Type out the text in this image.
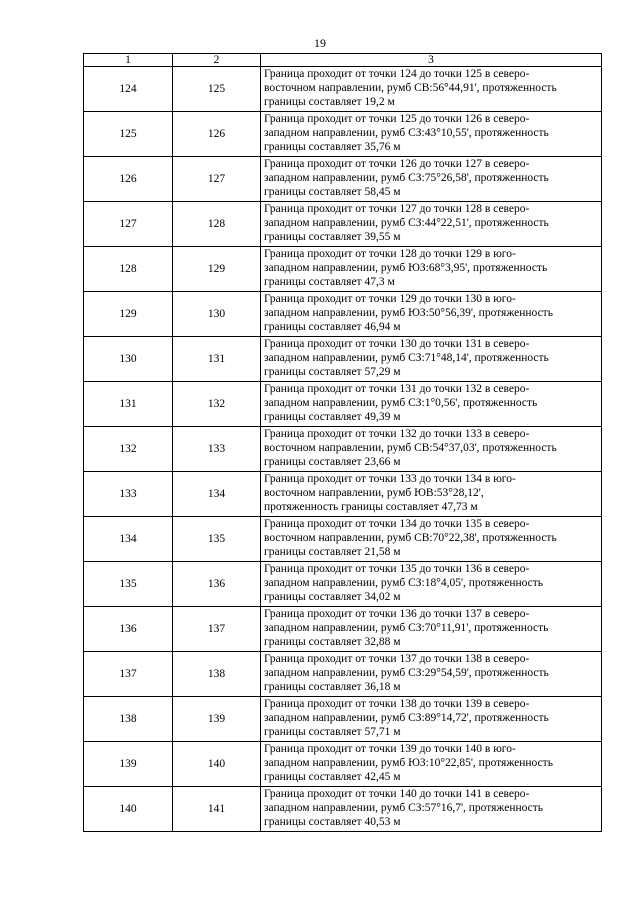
19
1	2	3
124	125	Граница проходит от точки 124 до точки 125 в северо-
восточном направлении, румб СВ:56°44,91', протяженность
границы составляет 19,2 м

125	126	Граница проходит от точки 125 до точки 126 в северо-
западном направлении, румб СЗ:43°10,55', протяженность
границы составляет 35,76 м

126	127	Граница проходит от точки 126 до точки 127 в северо-
западном направлении, румб СЗ:75°26,58', протяженность
границы составляет 58,45 м

127	128	Граница проходит от точки 127 до точки 128 в северо-
западном направлении, румб СЗ:44°22,51', протяженность
границы составляет 39,55 м

128	129	Граница проходит от точки 128 до точки 129 в юго-
западном направлении, румб ЮЗ:68°3,95', протяженность
границы составляет 47,3 м

129	130	Граница проходит от точки 129 до точки 130 в юго-
западном направлении, румб ЮЗ:50°56,39', протяженность
границы составляет 46,94 м

130	131	Граница проходит от точки 130 до точки 131 в северо-
западном направлении, румб СЗ:71°48,14', протяженность
границы составляет 57,29 м

131	132	Граница проходит от точки 131 до точки 132 в северо-
западном направлении, румб СЗ:1°0,56', протяженность
границы составляет 49,39 м

132	133	Граница проходит от точки 132 до точки 133 в северо-
восточном направлении, румб СВ:54°37,03', протяженность
границы составляет 23,66 м

133	134	Граница проходит от точки 133 до точки 134 в юго-
восточном направлении, румб ЮВ:53°28,12',
протяженность границы составляет 47,73 м

134	135	Граница проходит от точки 134 до точки 135 в северо-
восточном направлении, румб СВ:70°22,38', протяженность
границы составляет 21,58 м

135	136	Граница проходит от точки 135 до точки 136 в северо-
западном направлении, румб СЗ:18°4,05', протяженность
границы составляет 34,02 м

136	137	Граница проходит от точки 136 до точки 137 в северо-
западном направлении, румб СЗ:70°11,91', протяженность
границы составляет 32,88 м

137	138	Граница проходит от точки 137 до точки 138 в северо-
западном направлении, румб СЗ:29°54,59', протяженность
границы составляет 36,18 м

138	139	Граница проходит от точки 138 до точки 139 в северо-
западном направлении, румб СЗ:89°14,72', протяженность
границы составляет 57,71 м

139	140	Граница проходит от точки 139 до точки 140 в юго-
западном направлении, румб ЮЗ:10°22,85', протяженность
границы составляет 42,45 м

140	141	Граница проходит от точки 140 до точки 141 в северо-
западном направлении, румб СЗ:57°16,7', протяженность
границы составляет 40,53 м
